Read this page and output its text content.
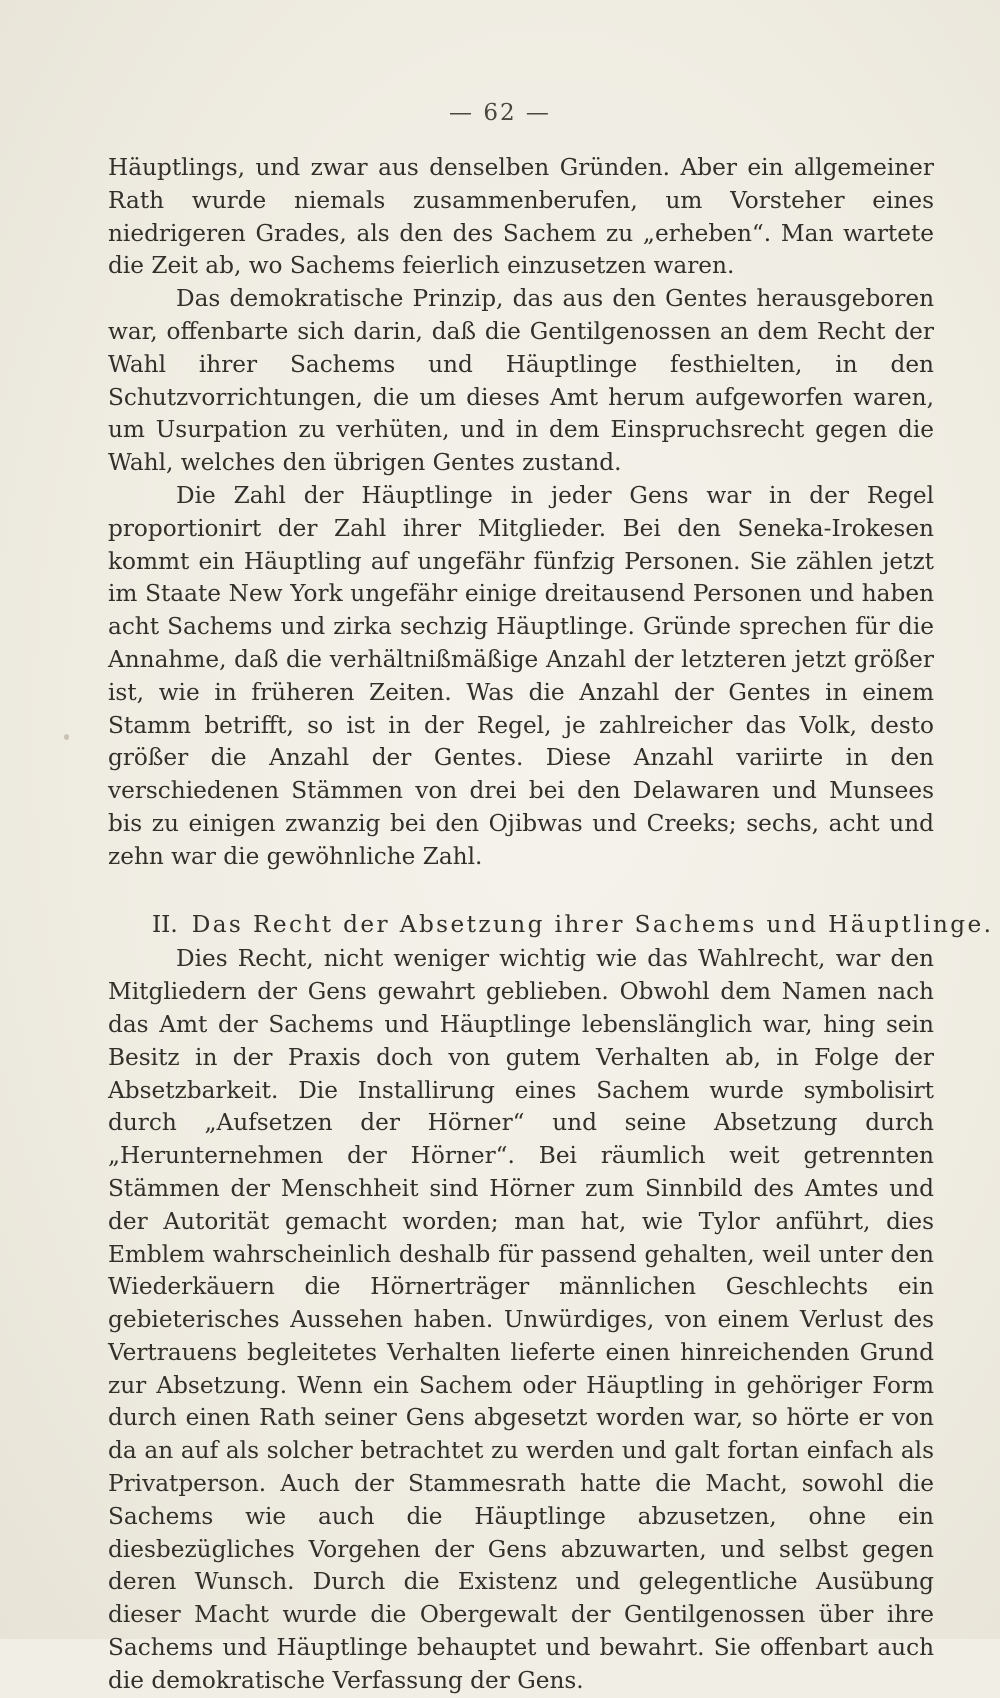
— 62 —

Häuptlings, und zwar aus denselben Gründen. Aber ein allgemeiner Rath wurde niemals zusammenberufen, um Vorsteher eines niedrigeren Grades, als den des Sachem zu „erheben“. Man wartete die Zeit ab, wo Sachems feierlich einzusetzen waren.

Das demokratische Prinzip, das aus den Gentes herausgeboren war, offenbarte sich darin, daß die Gentilgenossen an dem Recht der Wahl ihrer Sachems und Häuptlinge festhielten, in den Schutzvorrichtungen, die um dieses Amt herum aufgeworfen waren, um Usurpation zu verhüten, und in dem Einspruchsrecht gegen die Wahl, welches den übrigen Gentes zustand.

Die Zahl der Häuptlinge in jeder Gens war in der Regel proportionirt der Zahl ihrer Mitglieder. Bei den Seneka-Irokesen kommt ein Häuptling auf ungefähr fünfzig Personen. Sie zählen jetzt im Staate New York ungefähr einige dreitausend Personen und haben acht Sachems und zirka sechzig Häuptlinge. Gründe sprechen für die Annahme, daß die verhältnißmäßige Anzahl der letzteren jetzt größer ist, wie in früheren Zeiten. Was die Anzahl der Gentes in einem Stamm betrifft, so ist in der Regel, je zahlreicher das Volk, desto größer die Anzahl der Gentes. Diese Anzahl variirte in den verschiedenen Stämmen von drei bei den Delawaren und Munsees bis zu einigen zwanzig bei den Ojibwas und Creeks; sechs, acht und zehn war die gewöhnliche Zahl.

II. Das Recht der Absetzung ihrer Sachems und Häuptlinge.

Dies Recht, nicht weniger wichtig wie das Wahlrecht, war den Mitgliedern der Gens gewahrt geblieben. Obwohl dem Namen nach das Amt der Sachems und Häuptlinge lebenslänglich war, hing sein Besitz in der Praxis doch von gutem Verhalten ab, in Folge der Absetzbarkeit. Die Installirung eines Sachem wurde symbolisirt durch „Aufsetzen der Hörner“ und seine Absetzung durch „Herunternehmen der Hörner“. Bei räumlich weit getrennten Stämmen der Menschheit sind Hörner zum Sinnbild des Amtes und der Autorität gemacht worden; man hat, wie Tylor anführt, dies Emblem wahrscheinlich deshalb für passend gehalten, weil unter den Wiederkäuern die Hörnerträger männlichen Geschlechts ein gebieterisches Aussehen haben. Unwürdiges, von einem Verlust des Vertrauens begleitetes Verhalten lieferte einen hinreichenden Grund zur Absetzung. Wenn ein Sachem oder Häuptling in gehöriger Form durch einen Rath seiner Gens abgesetzt worden war, so hörte er von da an auf als solcher betrachtet zu werden und galt fortan einfach als Privatperson. Auch der Stammesrath hatte die Macht, sowohl die Sachems wie auch die Häuptlinge abzusetzen, ohne ein diesbezügliches Vorgehen der Gens abzuwarten, und selbst gegen deren Wunsch. Durch die Existenz und gelegentliche Ausübung dieser Macht wurde die Obergewalt der Gentilgenossen über ihre Sachems und Häuptlinge behauptet und bewahrt. Sie offenbart auch die demokratische Verfassung der Gens.
